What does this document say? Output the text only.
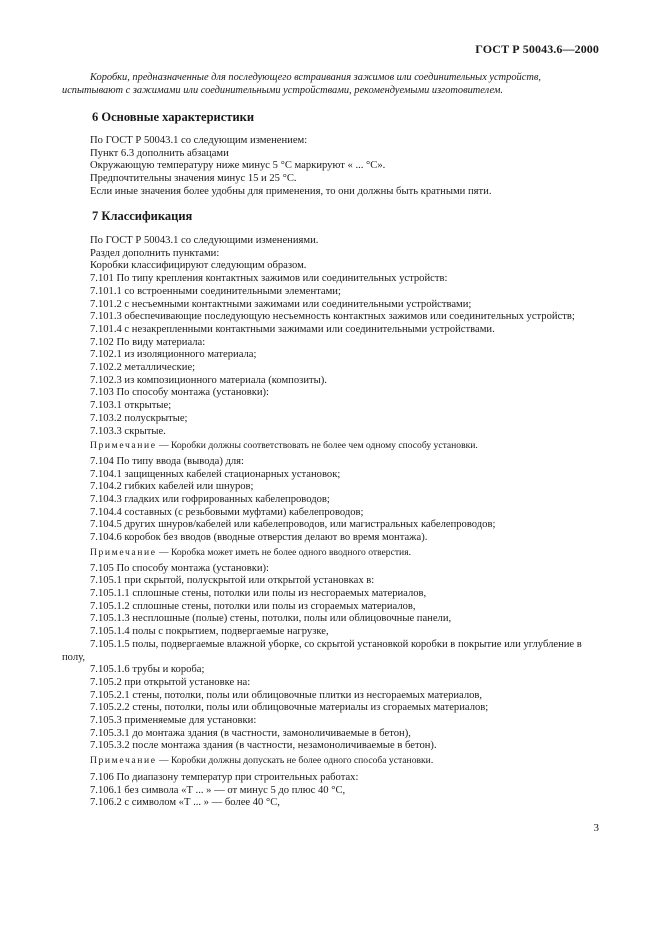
ГОСТ Р 50043.6—2000
Коробки, предназначенные для последующего встраивания зажимов или соединительных устройств, испытывают с зажимами или соединительными устройствами, рекомендуемыми изготовителем.
6 Основные характеристики
По ГОСТ Р 50043.1 со следующим изменением:
Пункт 6.3 дополнить абзацами
Окружающую температуру ниже минус 5 °С маркируют « ... °С».
Предпочтительны значения минус 15 и 25 °С.
Если иные значения более удобны для применения, то они должны быть кратными пяти.
7 Классификация
По ГОСТ Р 50043.1 со следующими изменениями.
Раздел дополнить пунктами:
Коробки классифицируют следующим образом.
7.101 По типу крепления контактных зажимов или соединительных устройств:
7.101.1 со встроенными соединительными элементами;
7.101.2 с несъемными контактными зажимами или соединительными устройствами;
7.101.3 обеспечивающие последующую несъемность контактных зажимов или соединительных устройств;
7.101.4 с незакрепленными контактными зажимами или соединительными устройствами.
7.102 По виду материала:
7.102.1 из изоляционного материала;
7.102.2 металлические;
7.102.3 из композиционного материала (композиты).
7.103 По способу монтажа (установки):
7.103.1 открытые;
7.103.2 полускрытые;
7.103.3 скрытые.
Примечание — Коробки должны соответствовать не более чем одному способу установки.
7.104 По типу ввода (вывода) для:
7.104.1 защищенных кабелей стационарных установок;
7.104.2 гибких кабелей или шнуров;
7.104.3 гладких или гофрированных кабелепроводов;
7.104.4 составных (с резьбовыми муфтами) кабелепроводов;
7.104.5 других шнуров/кабелей или кабелепроводов, или магистральных кабелепроводов;
7.104.6 коробок без вводов (вводные отверстия делают во время монтажа).
Примечание — Коробка может иметь не более одного вводного отверстия.
7.105 По способу монтажа (установки):
7.105.1 при скрытой, полускрытой или открытой установках в:
7.105.1.1 сплошные стены, потолки или полы из несгораемых материалов,
7.105.1.2 сплошные стены, потолки или полы из сгораемых материалов,
7.105.1.3 несплошные (полые) стены, потолки, полы или облицовочные панели,
7.105.1.4 полы с покрытием, подвергаемые нагрузке,
7.105.1.5 полы, подвергаемые влажной уборке, со скрытой установкой коробки в покрытие или углубление в полу,
7.105.1.6 трубы и короба;
7.105.2 при открытой установке на:
7.105.2.1 стены, потолки, полы или облицовочные плитки из несгораемых материалов,
7.105.2.2 стены, потолки, полы или облицовочные материалы из сгораемых материалов;
7.105.3 применяемые для установки:
7.105.3.1 до монтажа здания (в частности, замоноличиваемые в бетон),
7.105.3.2 после монтажа здания (в частности, незамоноличиваемые в бетон).
Примечание — Коробки должны допускать не более одного способа установки.
7.106 По диапазону температур при строительных работах:
7.106.1 без символа «Т ... » — от минус 5 до плюс 40 °С,
7.106.2 с символом «Т ... » — более 40 °С,
3
